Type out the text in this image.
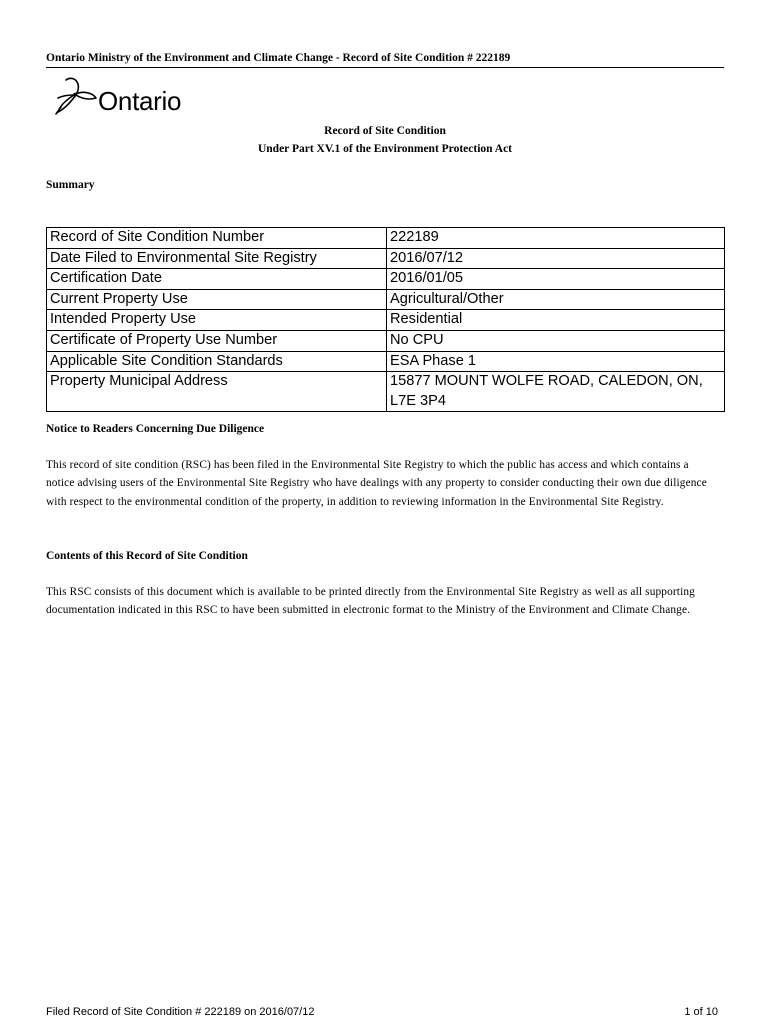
Ontario Ministry of the Environment and Climate Change - Record of Site Condition # 222189
Ontario
Record of Site Condition
Under Part XV.1 of the Environment Protection Act
Summary
Record of Site Condition Number	222189
Date Filed to Environmental Site Registry	2016/07/12
Certification Date	2016/01/05
Current Property Use	Agricultural/Other
Intended Property Use	Residential
Certificate of Property Use Number	No CPU
Applicable Site Condition Standards	ESA Phase 1
Property Municipal Address	15877 MOUNT WOLFE ROAD, CALEDON, ON, L7E 3P4
Notice to Readers Concerning Due Diligence
This record of site condition (RSC) has been filed in the Environmental Site Registry to which the public has access and which contains a notice advising users of the Environmental Site Registry who have dealings with any property to consider conducting their own due diligence with respect to the environmental condition of the property, in addition to reviewing information in the Environmental Site Registry.
Contents of this Record of Site Condition
This RSC consists of this document which is available to be printed directly from the Environmental Site Registry as well as all supporting documentation indicated in this RSC to have been submitted in electronic format to the Ministry of the Environment and Climate Change.
Filed Record of Site Condition # 222189 on 2016/07/12	1 of 10
